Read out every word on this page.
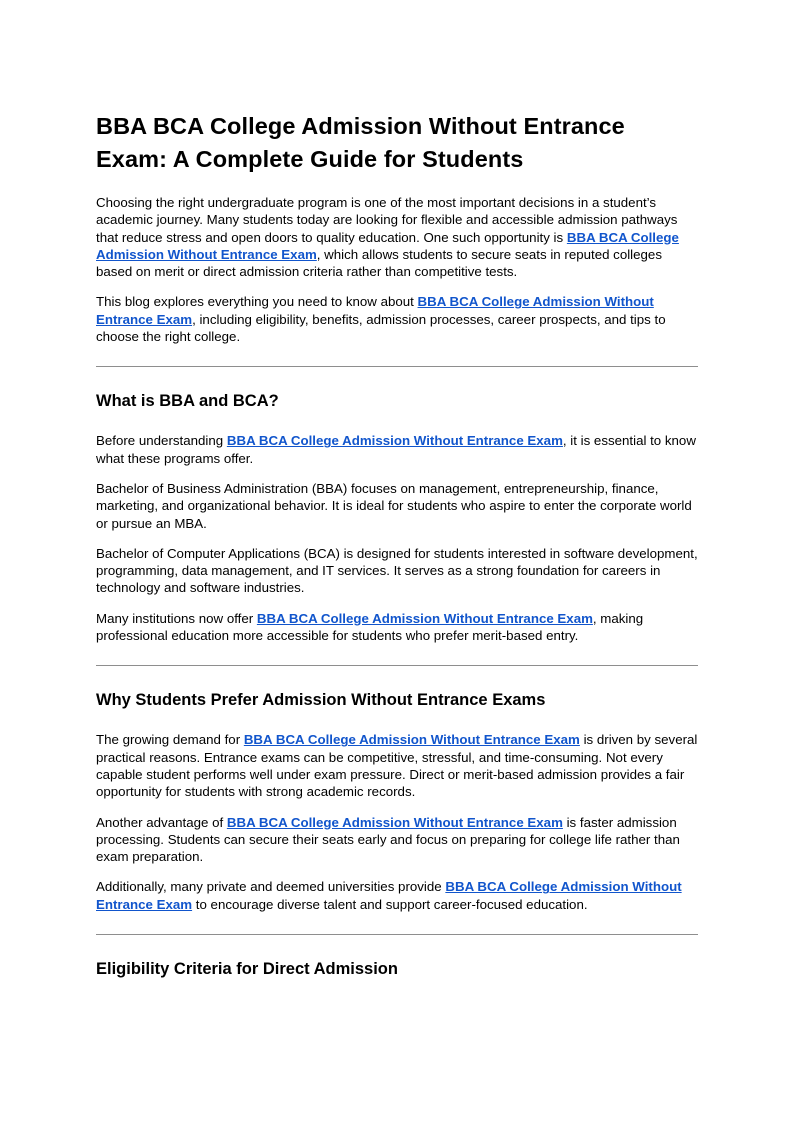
BBA BCA College Admission Without Entrance Exam: A Complete Guide for Students

Choosing the right undergraduate program is one of the most important decisions in a student’s academic journey. Many students today are looking for flexible and accessible admission pathways that reduce stress and open doors to quality education. One such opportunity is BBA BCA College Admission Without Entrance Exam, which allows students to secure seats in reputed colleges based on merit or direct admission criteria rather than competitive tests.

This blog explores everything you need to know about BBA BCA College Admission Without Entrance Exam, including eligibility, benefits, admission processes, career prospects, and tips to choose the right college.

What is BBA and BCA?

Before understanding BBA BCA College Admission Without Entrance Exam, it is essential to know what these programs offer.

Bachelor of Business Administration (BBA) focuses on management, entrepreneurship, finance, marketing, and organizational behavior. It is ideal for students who aspire to enter the corporate world or pursue an MBA.

Bachelor of Computer Applications (BCA) is designed for students interested in software development, programming, data management, and IT services. It serves as a strong foundation for careers in technology and software industries.

Many institutions now offer BBA BCA College Admission Without Entrance Exam, making professional education more accessible for students who prefer merit-based entry.

Why Students Prefer Admission Without Entrance Exams

The growing demand for BBA BCA College Admission Without Entrance Exam is driven by several practical reasons. Entrance exams can be competitive, stressful, and time-consuming. Not every capable student performs well under exam pressure. Direct or merit-based admission provides a fair opportunity for students with strong academic records.

Another advantage of BBA BCA College Admission Without Entrance Exam is faster admission processing. Students can secure their seats early and focus on preparing for college life rather than exam preparation.

Additionally, many private and deemed universities provide BBA BCA College Admission Without Entrance Exam to encourage diverse talent and support career-focused education.

Eligibility Criteria for Direct Admission
